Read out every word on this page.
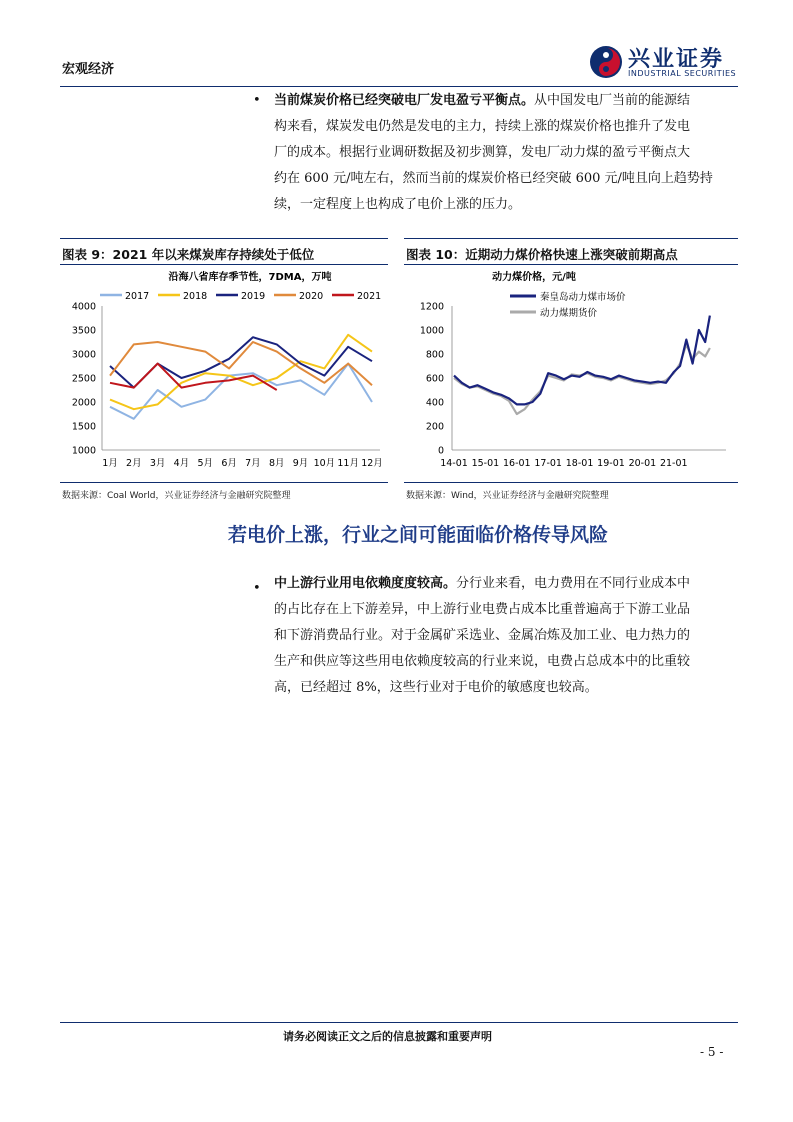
宏观经济	兴业证券
INDUSTRIAL SECURITIES
• 当前煤炭价格已经突破电厂发电盈亏平衡点。从中国发电厂当前的能源结
构来看，煤炭发电仍然是发电的主力，持续上涨的煤炭价格也推升了发电
厂的成本。根据行业调研数据及初步测算，发电厂动力煤的盈亏平衡点大
约在 600 元/吨左右，然而当前的煤炭价格已经突破 600 元/吨且向上趋势持
续，一定程度上也构成了电价上涨的压力。
图表 9：2021 年以来煤炭库存持续处于低位	图表 10：近期动力煤价格快速上涨突破前期高点
沿海八省库存季节性，7DMA，万吨
2017	2018	2019	2020	2021
1000
1500
2000
2500
3000
3500
4000
1月 2月 3月 4月 5月 6月 7月 8月 9月 10月 11月 12月
动力煤价格，元/吨
秦皇岛动力煤市场价
动力煤期货价
0
200
400
600
800
1000
1200
14-01 15-01 16-01 17-01 18-01 19-01 20-01 21-01
数据来源：Coal World，兴业证券经济与金融研究院整理	数据来源：Wind，兴业证券经济与金融研究院整理
若电价上涨，行业之间可能面临价格传导风险
• 中上游行业用电依赖度度较高。分行业来看，电力费用在不同行业成本中
的占比存在上下游差异，中上游行业电费占成本比重普遍高于下游工业品
和下游消费品行业。对于金属矿采选业、金属冶炼及加工业、电力热力的
生产和供应等这些用电依赖度较高的行业来说，电费占总成本中的比重较
高，已经超过 8%，这些行业对于电价的敏感度也较高。
请务必阅读正文之后的信息披露和重要声明
- 5 -
